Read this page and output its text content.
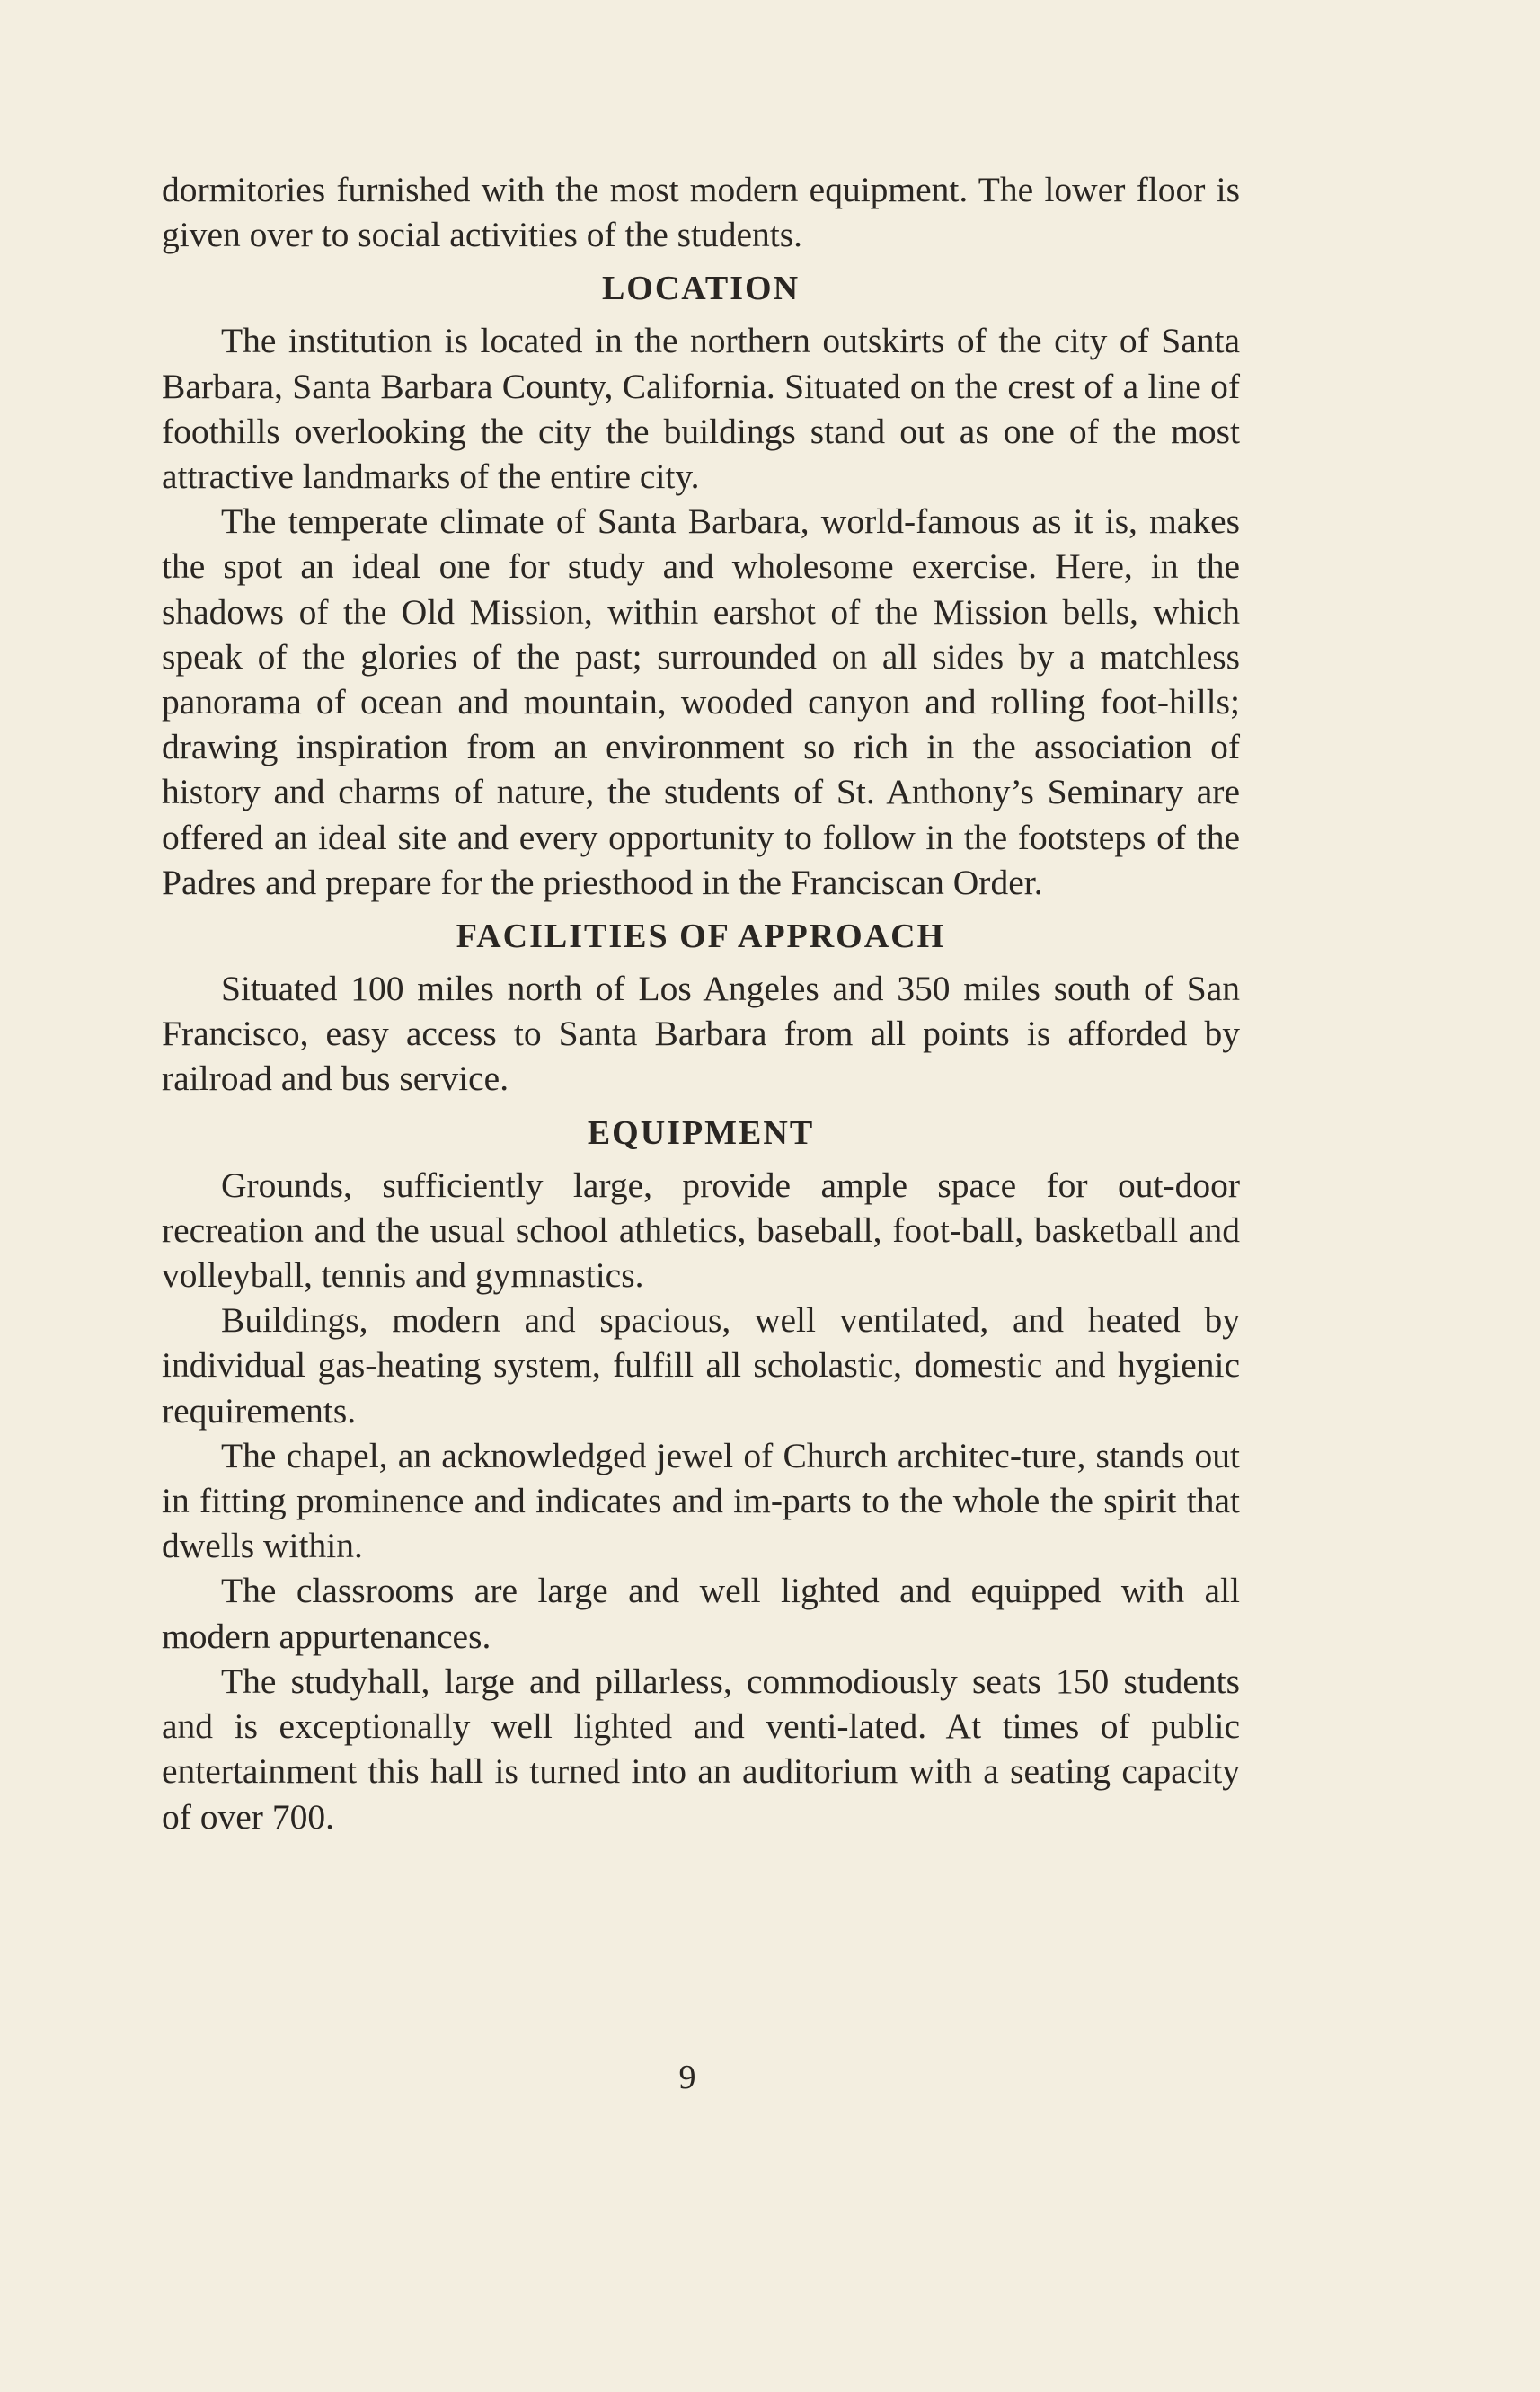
dormitories furnished with the most modern equipment. The lower floor is given over to social activities of the students.

LOCATION

The institution is located in the northern outskirts of the city of Santa Barbara, Santa Barbara County, California. Situated on the crest of a line of foothills overlooking the city the buildings stand out as one of the most attractive landmarks of the entire city.

The temperate climate of Santa Barbara, world-famous as it is, makes the spot an ideal one for study and wholesome exercise. Here, in the shadows of the Old Mission, within earshot of the Mission bells, which speak of the glories of the past; surrounded on all sides by a matchless panorama of ocean and mountain, wooded canyon and rolling foot-hills; drawing inspiration from an environment so rich in the association of history and charms of nature, the students of St. Anthony’s Seminary are offered an ideal site and every opportunity to follow in the footsteps of the Padres and prepare for the priesthood in the Franciscan Order.

FACILITIES OF APPROACH

Situated 100 miles north of Los Angeles and 350 miles south of San Francisco, easy access to Santa Barbara from all points is afforded by railroad and bus service.

EQUIPMENT

Grounds, sufficiently large, provide ample space for out-door recreation and the usual school athletics, baseball, foot-ball, basketball and volleyball, tennis and gymnastics.

Buildings, modern and spacious, well ventilated, and heated by individual gas-heating system, fulfill all scholastic, domestic and hygienic requirements.

The chapel, an acknowledged jewel of Church architec-ture, stands out in fitting prominence and indicates and im-parts to the whole the spirit that dwells within.

The classrooms are large and well lighted and equipped with all modern appurtenances.

The studyhall, large and pillarless, commodiously seats 150 students and is exceptionally well lighted and venti-lated. At times of public entertainment this hall is turned into an auditorium with a seating capacity of over 700.

9
